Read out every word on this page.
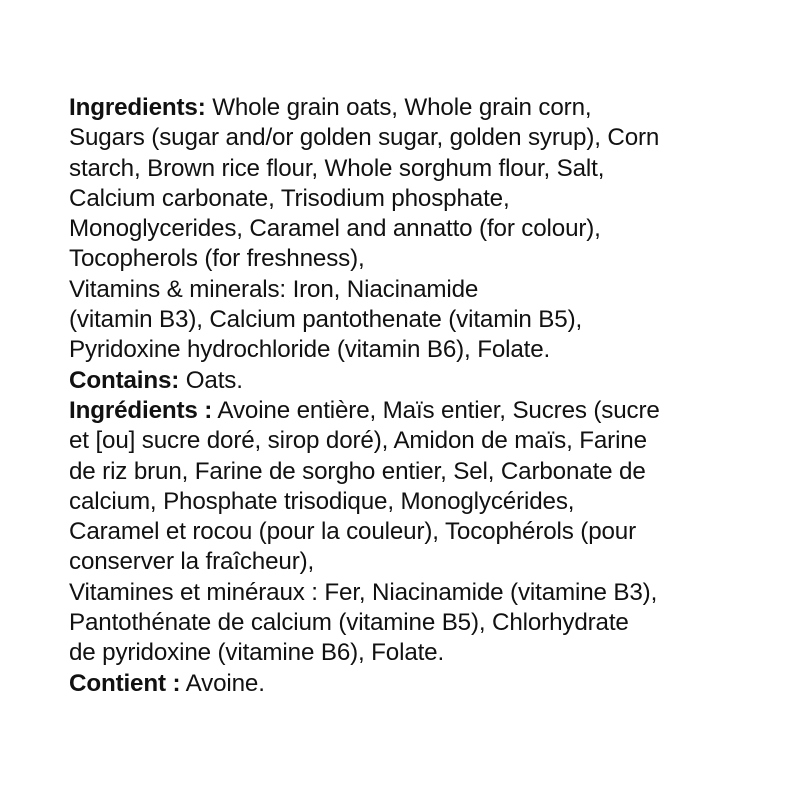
Ingredients: Whole grain oats, Whole grain corn,
Sugars (sugar and/or golden sugar, golden syrup), Corn
starch, Brown rice flour, Whole sorghum flour, Salt,
Calcium carbonate, Trisodium phosphate,
Monoglycerides, Caramel and annatto (for colour),
Tocopherols (for freshness),
Vitamins & minerals: Iron, Niacinamide
(vitamin B3), Calcium pantothenate (vitamin B5),
Pyridoxine hydrochloride (vitamin B6), Folate.
Contains: Oats.
Ingrédients : Avoine entière, Maïs entier, Sucres (sucre
et [ou] sucre doré, sirop doré), Amidon de maïs, Farine
de riz brun, Farine de sorgho entier, Sel, Carbonate de
calcium, Phosphate trisodique, Monoglycérides,
Caramel et rocou (pour la couleur), Tocophérols (pour
conserver la fraîcheur),
Vitamines et minéraux : Fer, Niacinamide (vitamine B3),
Pantothénate de calcium (vitamine B5), Chlorhydrate
de pyridoxine (vitamine B6), Folate.
Contient : Avoine.
